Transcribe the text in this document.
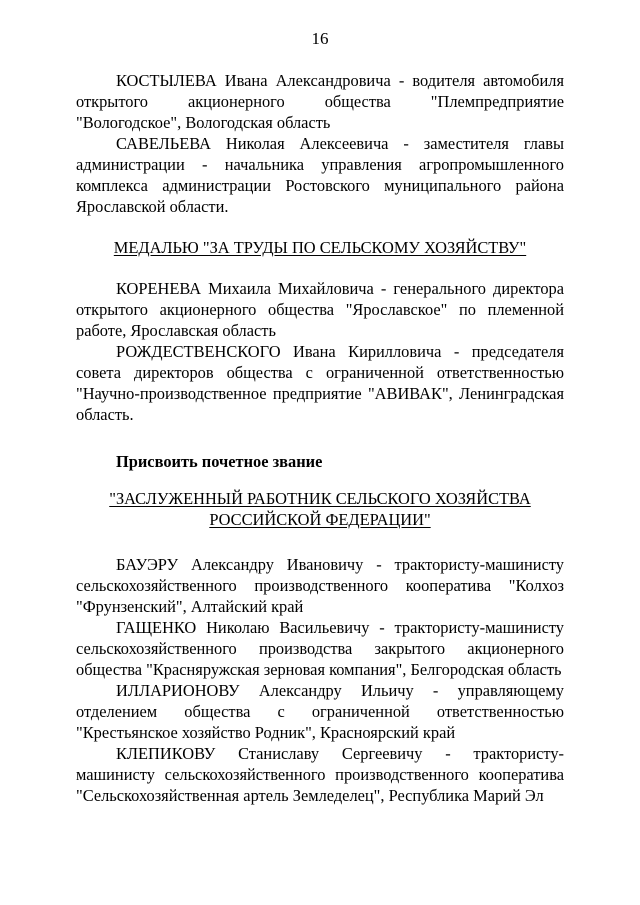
16

КОСТЫЛЕВА Ивана Александровича - водителя автомобиля открытого акционерного общества "Племпредприятие "Вологодское", Вологодская область

САВЕЛЬЕВА Николая Алексеевича - заместителя главы администрации - начальника управления агропромышленного комплекса администрации Ростовского муниципального района Ярославской области.

МЕДАЛЬЮ "ЗА ТРУДЫ ПО СЕЛЬСКОМУ ХОЗЯЙСТВУ"

КОРЕНЕВА Михаила Михайловича - генерального директора открытого акционерного общества "Ярославское" по племенной работе, Ярославская область

РОЖДЕСТВЕНСКОГО Ивана Кирилловича - председателя совета директоров общества с ограниченной ответственностью "Научно-производственное предприятие "АВИВАК", Ленинградская область.

Присвоить почетное звание

"ЗАСЛУЖЕННЫЙ РАБОТНИК СЕЛЬСКОГО ХОЗЯЙСТВА

РОССИЙСКОЙ ФЕДЕРАЦИИ"

БАУЭРУ Александру Ивановичу - трактористу-машинисту сельскохозяйственного производственного кооператива "Колхоз "Фрунзенский", Алтайский край

ГАЩЕНКО Николаю Васильевичу - трактористу-машинисту сельскохозяйственного производства закрытого акционерного общества "Красняружская зерновая компания", Белгородская область

ИЛЛАРИОНОВУ Александру Ильичу - управляющему отделением общества с ограниченной ответственностью "Крестьянское хозяйство Родник", Красноярский край

КЛЕПИКОВУ Станиславу Сергеевичу - трактористу-машинисту сельскохозяйственного производственного кооператива "Сельскохозяйственная артель Земледелец", Республика Марий Эл
